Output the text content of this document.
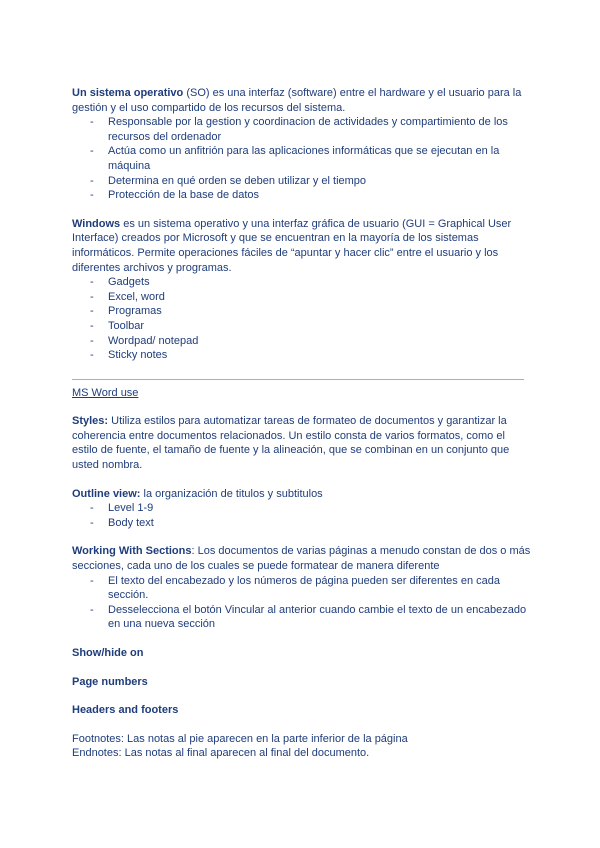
Un sistema operativo (SO) es una interfaz (software) entre el hardware y el usuario para la gestión y el uso compartido de los recursos del sistema.

- Responsable por la gestion y coordinacion de actividades y compartimiento de los recursos del ordenador
- Actúa como un anfitrión para las aplicaciones informáticas que se ejecutan en la máquina
- Determina en qué orden se deben utilizar y el tiempo
- Protección de la base de datos

Windows es un sistema operativo y una interfaz gráfica de usuario (GUI = Graphical User Interface) creados por Microsoft y que se encuentran en la mayoría de los sistemas informáticos. Permite operaciones fáciles de “apuntar y hacer clic” entre el usuario y los diferentes archivos y programas.

- Gadgets
- Excel, word
- Programas
- Toolbar
- Wordpad/ notepad
- Sticky notes

MS Word use

Styles: Utiliza estilos para automatizar tareas de formateo de documentos y garantizar la coherencia entre documentos relacionados. Un estilo consta de varios formatos, como el estilo de fuente, el tamaño de fuente y la alineación, que se combinan en un conjunto que usted nombra.

Outline view: la organización de titulos y subtitulos

- Level 1-9
- Body text

Working With Sections: Los documentos de varias páginas a menudo constan de dos o más secciones, cada uno de los cuales se puede formatear de manera diferente

- El texto del encabezado y los números de página pueden ser diferentes en cada sección.
- Desselecciona el botón Vincular al anterior cuando cambie el texto de un encabezado en una nueva sección

Show/hide on

Page numbers

Headers and footers

Footnotes: Las notas al pie aparecen en la parte inferior de la página

Endnotes: Las notas al final aparecen al final del documento.
